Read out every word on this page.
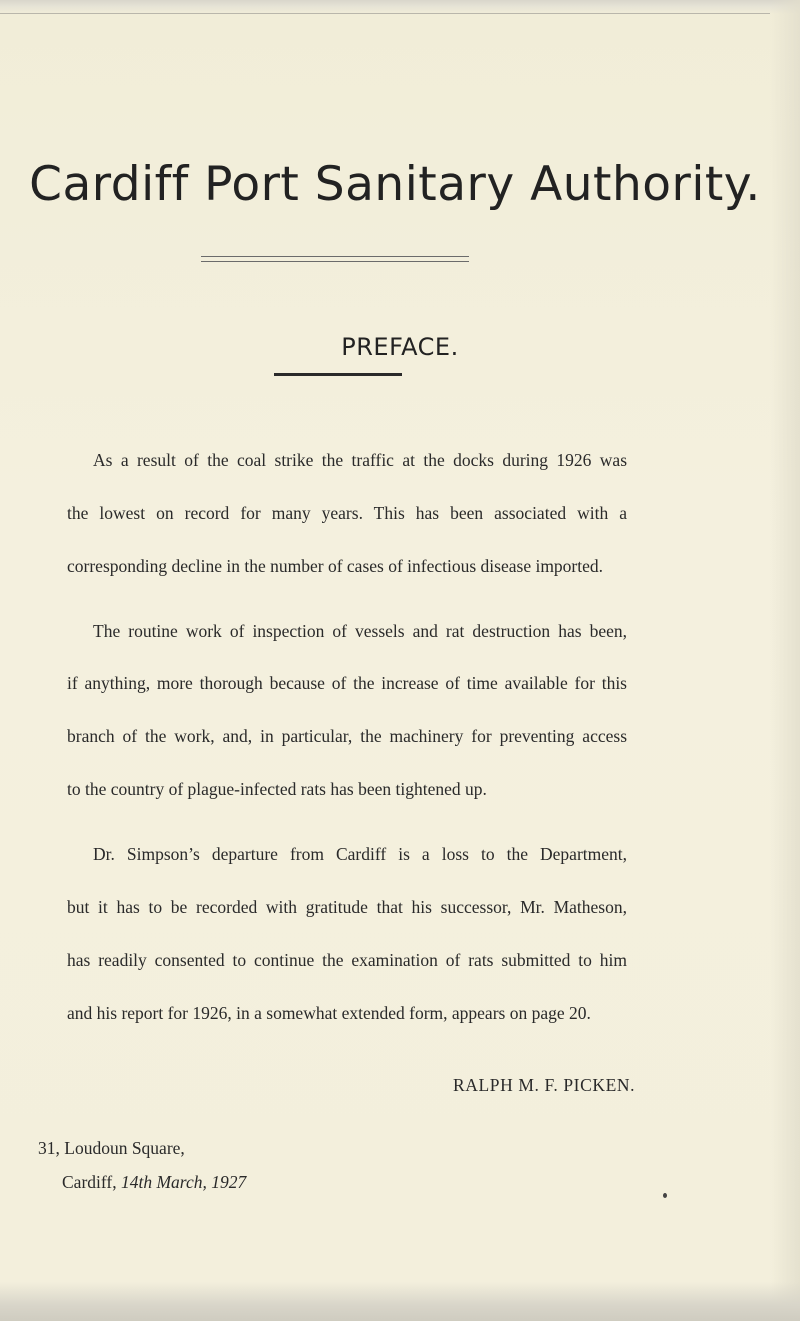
Cardiff Port Sanitary Authority.
PREFACE.
As a result of the coal strike the traffic at the docks during 1926 was
the lowest on record for many years. This has been associated with a
corresponding decline in the number of cases of infectious disease imported.
The routine work of inspection of vessels and rat destruction has been,
if anything, more thorough because of the increase of time available for this
branch of the work, and, in particular, the machinery for preventing access
to the country of plague-infected rats has been tightened up.
Dr. Simpson’s departure from Cardiff is a loss to the Department,
but it has to be recorded with gratitude that his successor, Mr. Matheson,
has readily consented to continue the examination of rats submitted to him
and his report for 1926, in a somewhat extended form, appears on page 20.
RALPH M. F. PICKEN.
31, Loudoun Square,
Cardiff, 14th March, 1927
